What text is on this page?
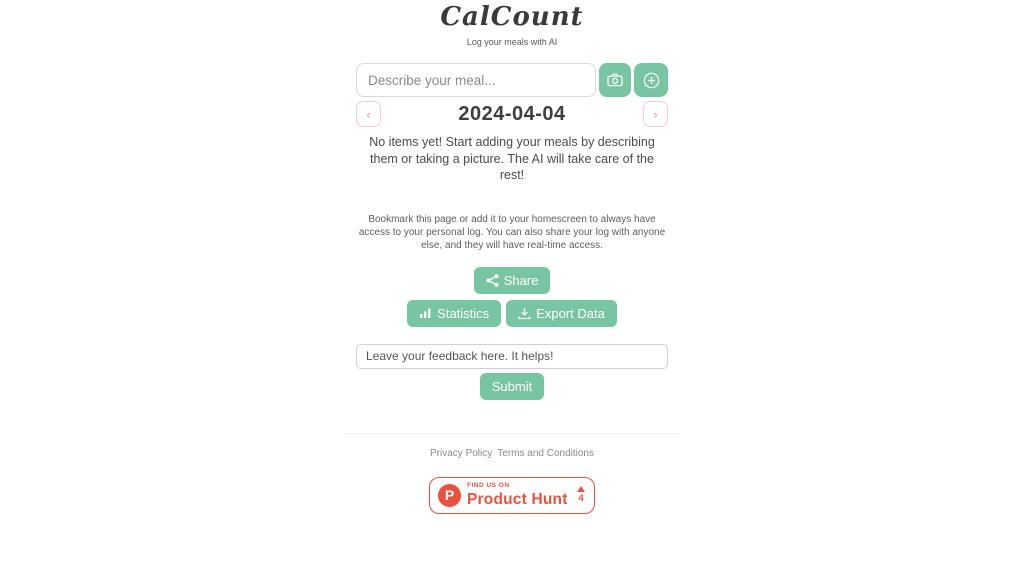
CalCount
Log your meals with AI
Describe your meal...
‹	2024-04-04	›
No items yet! Start adding your meals by describing them or taking a picture. The AI will take care of the rest!
Bookmark this page or add it to your homescreen to always have access to your personal log. You can also share your log with anyone else, and they will have real-time access.
Share
Statistics	Export Data
Leave your feedback here. It helps!
Submit
Privacy Policy Terms and Conditions
P
FIND US ON
Product Hunt 4
